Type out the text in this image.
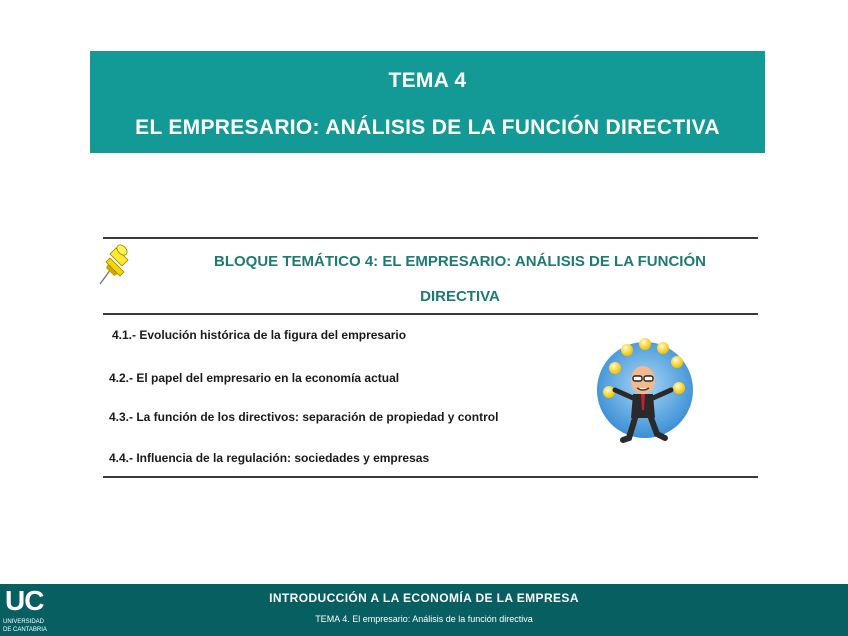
TEMA 4
EL EMPRESARIO: ANÁLISIS DE LA FUNCIÓN DIRECTIVA
BLOQUE TEMÁTICO 4: EL EMPRESARIO: ANÁLISIS DE LA FUNCIÓN
DIRECTIVA
4.1.- Evolución histórica de la figura del empresario
4.2.- El papel del empresario en la economía actual
4.3.- La función de los directivos: separación de propiedad y control
4.4.- Influencia de la regulación: sociedades y empresas
UC
UNIVERSIDAD
DE CANTABRIA
INTRODUCCIÓN A LA ECONOMÍA DE LA EMPRESA
TEMA 4. El empresario: Análisis de la función directiva
